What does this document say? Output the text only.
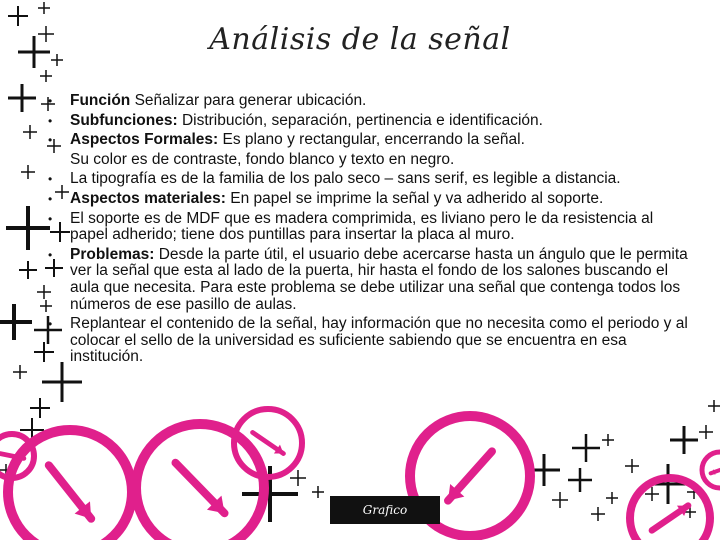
Análisis de la señal
• Función Señalizar para generar ubicación.
• Subfunciones: Distribución, separación, pertinencia e identificación.
• Aspectos Formales: Es plano y rectangular, encerrando la señal.
Su color es de contraste, fondo blanco y texto en negro.
• La tipografía es de la familia de los palo seco – sans serif, es legible a distancia.
• Aspectos materiales: En papel se imprime la señal y va adherido al soporte.
• El soporte es de MDF que es madera comprimida, es liviano pero le da resistencia al papel adherido; tiene dos puntillas para insertar la placa al muro.
• Problemas: Desde la parte útil, el usuario debe acercarse hasta un ángulo que le permita ver la señal que esta al lado de la puerta, hir hasta el fondo de los salones buscando el aula que necesita. Para este problema se debe utilizar una señal que contenga todos los números de ese pasillo de aulas.
• Replantear el contenido de la señal, hay información que no necesita como el periodo y al colocar el sello de la universidad es suficiente sabiendo que se encuentra en esa institución.
Grafico
